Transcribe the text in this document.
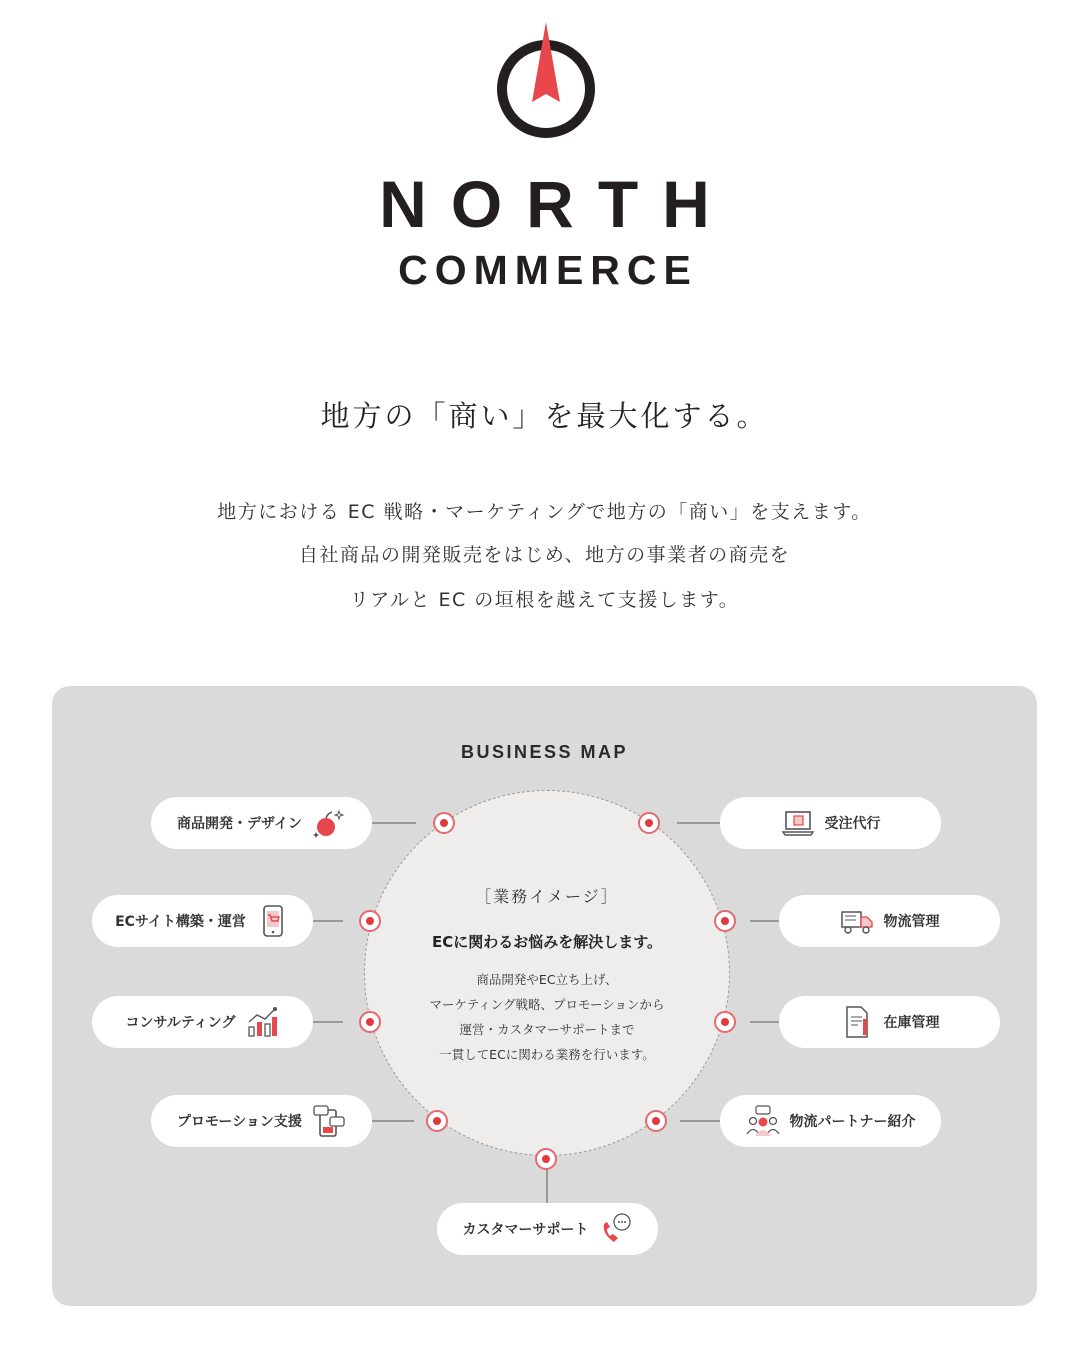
NORTH
COMMERCE
地方の「商い」を最大化する。
地方における EC 戦略・マーケティングで地方の「商い」を支えます。
自社商品の開発販売をはじめ、地方の事業者の商売を
リアルと EC の垣根を越えて支援します。
BUSINESS MAP
［業務イメージ］
ECに関わるお悩みを解決します。
商品開発やEC立ち上げ、
マーケティング戦略、プロモーションから
運営・カスタマーサポートまで
一貫してECに関わる業務を行います。
商品開発・デザイン
ECサイト構築・運営
コンサルティング
プロモーション支援
受注代行
物流管理
在庫管理
物流パートナー紹介
カスタマーサポート
